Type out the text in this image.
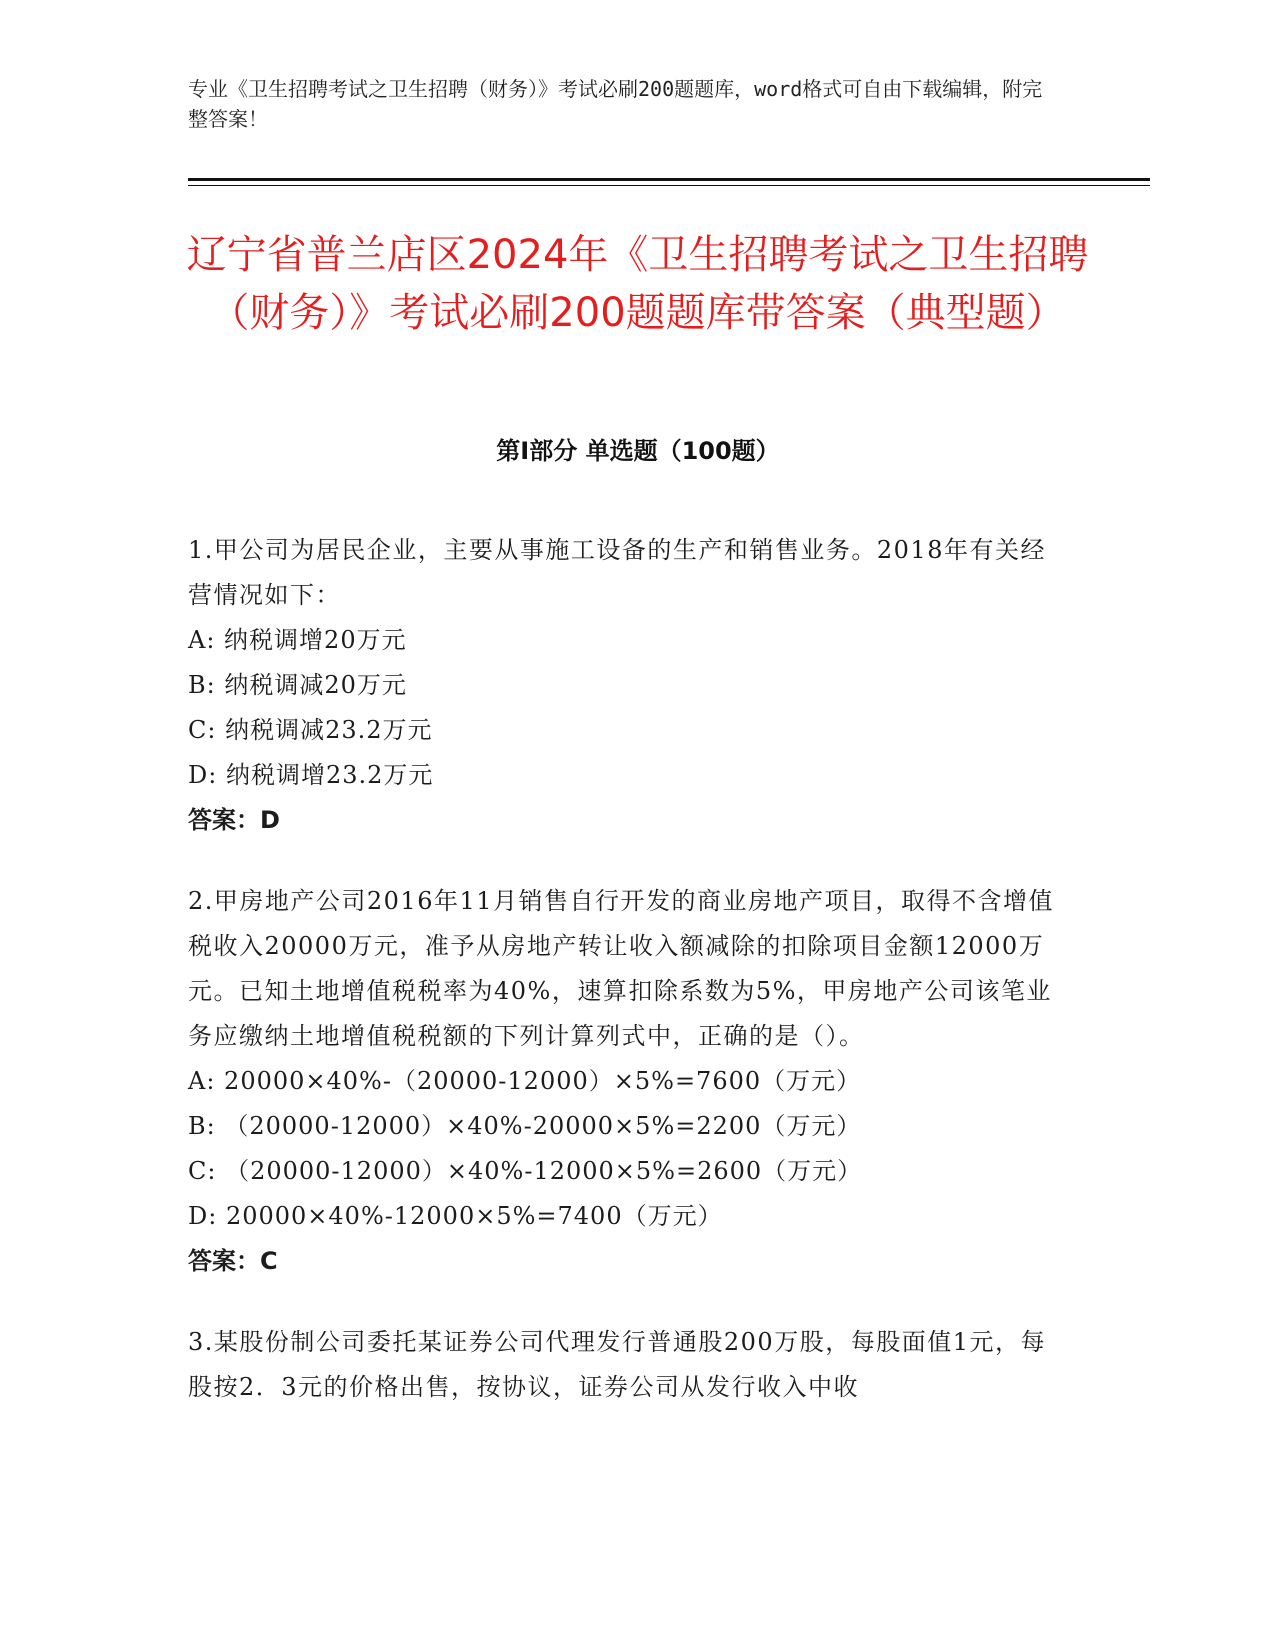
专业《卫生招聘考试之卫生招聘（财务）》考试必刷200题题库，word格式可自由下载编辑，附完整答案！
辽宁省普兰店区2024年《卫生招聘考试之卫生招聘（财务）》考试必刷200题题库带答案（典型题）
第Ⅰ部分 单选题（100题）
1.甲公司为居民企业，主要从事施工设备的生产和销售业务。2018年有关经营情况如下：
A: 纳税调增20万元
B: 纳税调减20万元
C: 纳税调减23.2万元
D: 纳税调增23.2万元
答案：D
2.甲房地产公司2016年11月销售自行开发的商业房地产项目，取得不含增值税收入20000万元，准予从房地产转让收入额减除的扣除项目金额12000万元。已知土地增值税税率为40%，速算扣除系数为5%，甲房地产公司该笔业务应缴纳土地增值税税额的下列计算列式中，正确的是（）。
A: 20000×40%-（20000-12000）×5%=7600（万元）
B: （20000-12000）×40%-20000×5%=2200（万元）
C: （20000-12000）×40%-12000×5%=2600（万元）
D: 20000×40%-12000×5%=7400（万元）
答案：C
3.某股份制公司委托某证券公司代理发行普通股200万股，每股面值1元，每股按2．3元的价格出售，按协议，证券公司从发行收入中收
